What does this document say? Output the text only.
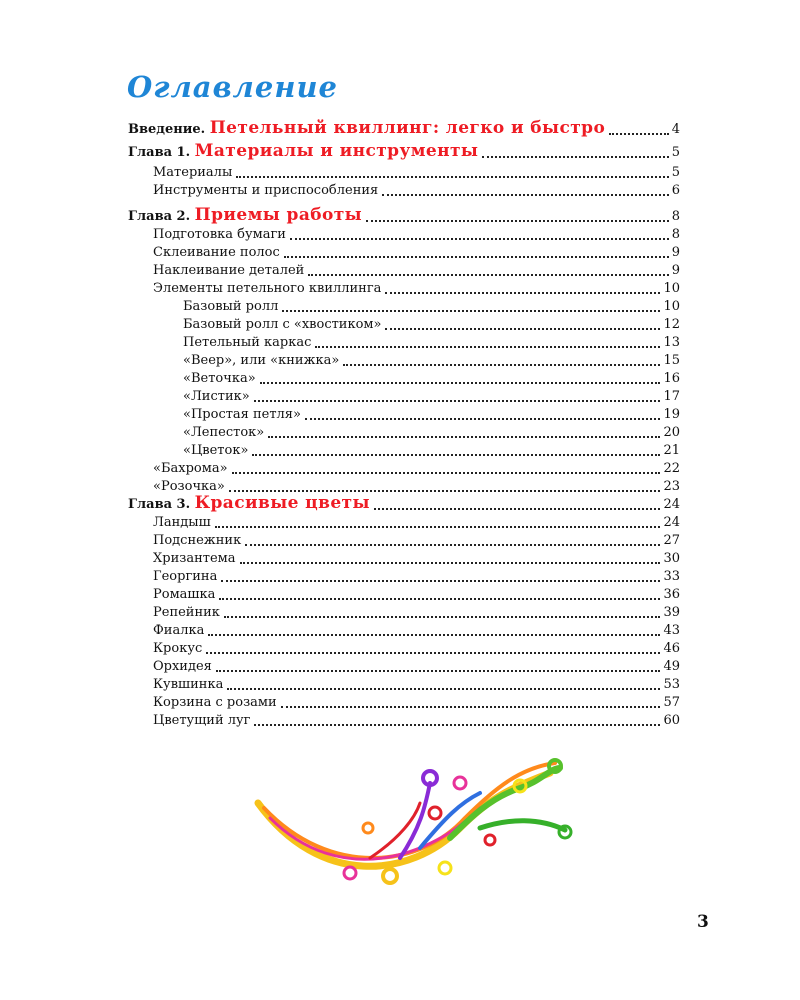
Оглавление
Введение. Петельный квиллинг: легко и быстро	4
Глава 1. Материалы и инструменты	5
Материалы	5
Инструменты и приспособления	6
Глава 2. Приемы работы	8
Подготовка бумаги	8
Склеивание полос	9
Наклеивание деталей	9
Элементы петельного квиллинга	10
Базовый ролл	10
Базовый ролл с «хвостиком»	12
Петельный каркас	13
«Веер», или «книжка»	15
«Веточка»	16
«Листик»	17
«Простая петля»	19
«Лепесток»	20
«Цветок»	21
«Бахрома»	22
«Розочка»	23
Глава 3. Красивые цветы	24
Ландыш	24
Подснежник	27
Хризантема	30
Георгина	33
Ромашка	36
Репейник	39
Фиалка	43
Крокус	46
Орхидея	49
Кувшинка	53
Корзина с розами	57
Цветущий луг	60
3
